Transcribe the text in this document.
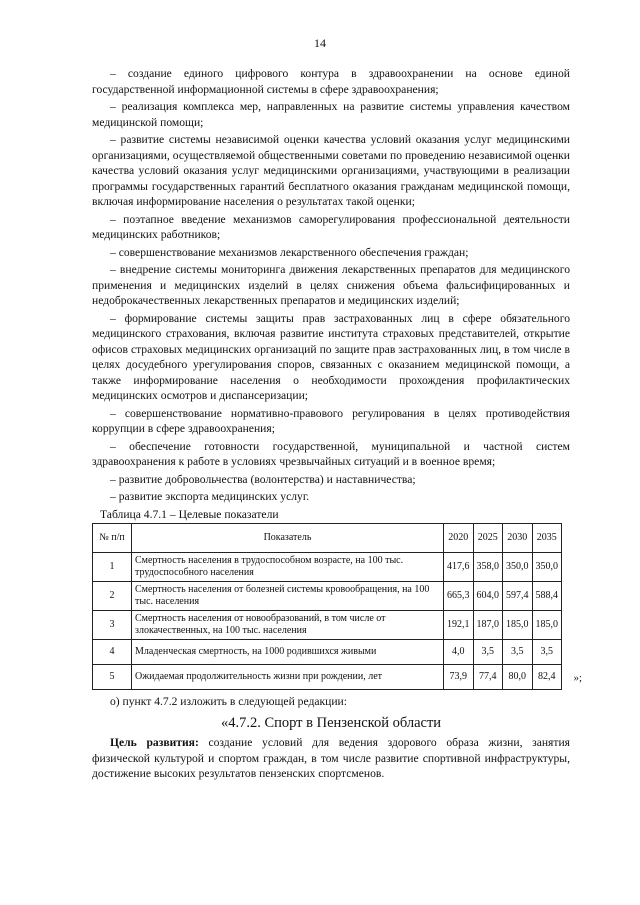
14

– создание единого цифрового контура в здравоохранении на основе единой государственной информационной системы в сфере здравоохранения;

– реализация комплекса мер, направленных на развитие системы управления качеством медицинской помощи;

– развитие системы независимой оценки качества условий оказания услуг медицинскими организациями, осуществляемой общественными советами по проведению независимой оценки качества условий оказания услуг медицинскими организациями, участвующими в реализации программы государственных гарантий бесплатного оказания гражданам медицинской помощи, включая информирование населения о результатах такой оценки;

– поэтапное введение механизмов саморегулирования профессиональной деятельности медицинских работников;

– совершенствование механизмов лекарственного обеспечения граждан;

– внедрение системы мониторинга движения лекарственных препаратов для медицинского применения и медицинских изделий в целях снижения объема фальсифицированных и недоброкачественных лекарственных препаратов и медицинских изделий;

– формирование системы защиты прав застрахованных лиц в сфере обязательного медицинского страхования, включая развитие института страховых представителей, открытие офисов страховых медицинских организаций по защите прав застрахованных лиц, в том числе в целях досудебного урегулирования споров, связанных с оказанием медицинской помощи, а также информирование населения о необходимости прохождения профилактических медицинских осмотров и диспансеризации;

– совершенствование нормативно-правового регулирования в целях противодействия коррупции в сфере здравоохранения;

– обеспечение готовности государственной, муниципальной и частной систем здравоохранения к работе в условиях чрезвычайных ситуаций и в военное время;

– развитие добровольчества (волонтерства) и наставничества;

– развитие экспорта медицинских услуг.

Таблица 4.7.1 – Целевые показатели
№ п/п	Показатель	2020	2025	2030	2035
1	Смертность населения в трудоспособном возрасте, на 100 тыс. трудоспособного населения	417,6	358,0	350,0	350,0
2	Смертность населения от болезней системы кровообращения, на 100 тыс. населения	665,3	604,0	597,4	588,4
3	Смертность населения от новообразований, в том числе от злокачественных, на 100 тыс. населения	192,1	187,0	185,0	185,0
4	Младенческая смертность, на 1000 родившихся живыми	4,0	3,5	3,5	3,5
5	Ожидаемая продолжительность жизни при рождении, лет	73,9	77,4	80,0	82,4 »;

о) пункт 4.7.2 изложить в следующей редакции:

«4.7.2. Спорт в Пензенской области

Цель развития: создание условий для ведения здорового образа жизни, занятия физической культурой и спортом граждан, в том числе развитие спортивной инфраструктуры, достижение высоких результатов пензенских спортсменов.
